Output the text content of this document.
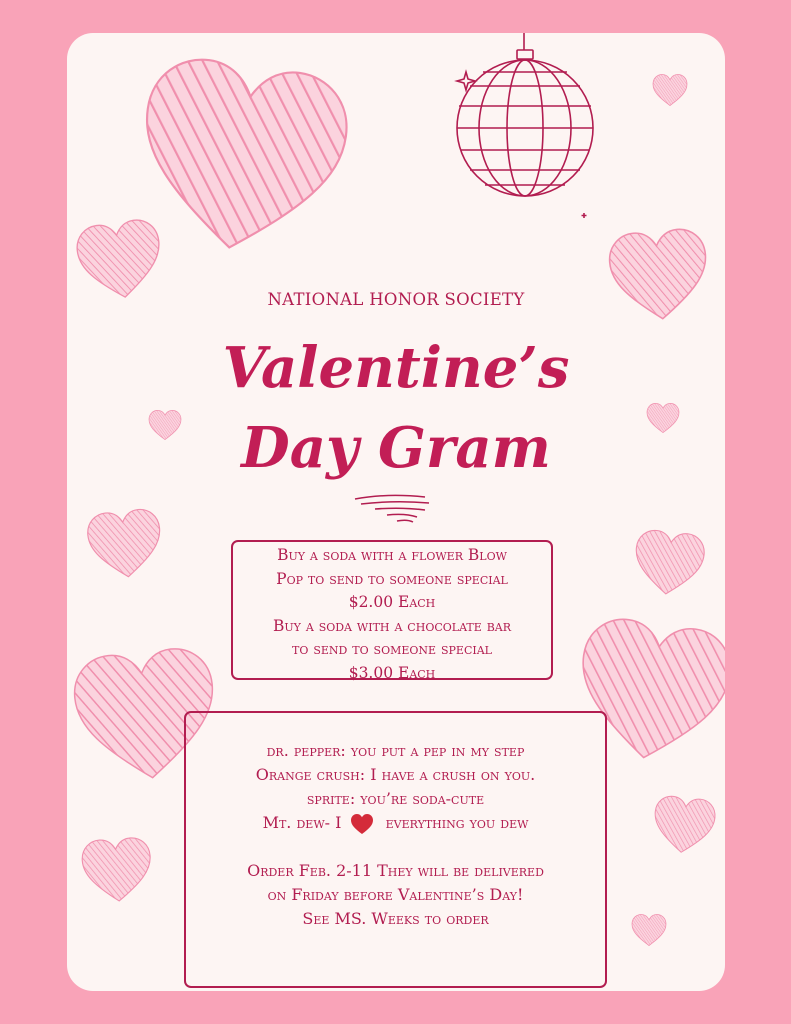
NATIONAL HONOR SOCIETY
Valentine’s
Day Gram
Buy a soda with a flower Blow
Pop to send to someone special
$2.00 Each
Buy a soda with a chocolate bar
to send to someone special
$3.00 Each
dr. pepper: you put a pep in my step
Orange crush: I have a crush on you.
sprite: you’re soda-cute
Mt. dew- I	everything you dew
Order Feb. 2-11 They will be delivered
on Friday before Valentine’s Day!
See MS. Weeks to order
